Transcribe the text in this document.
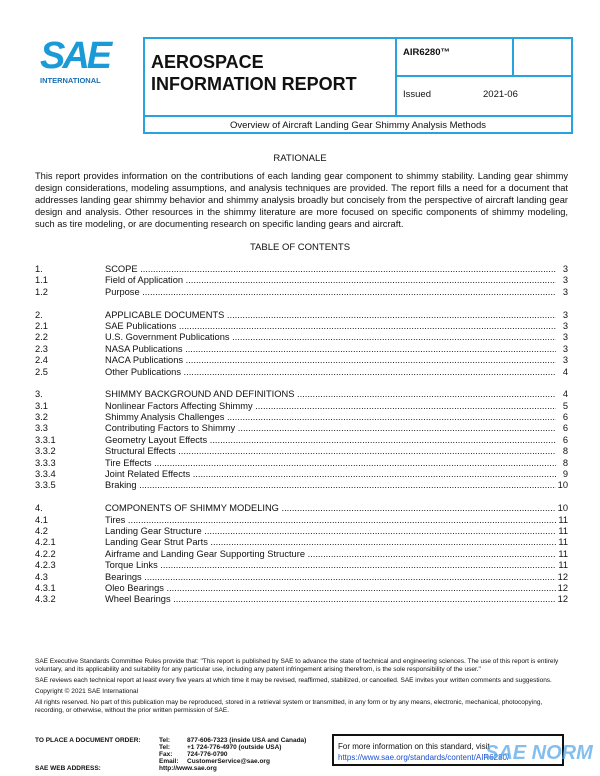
SAE
INTERNATIONAL
AEROSPACE
INFORMATION REPORT
AIR6280™
Issued	2021-06
Overview of Aircraft Landing Gear Shimmy Analysis Methods
RATIONALE
This report provides information on the contributions of each landing gear component to shimmy stability. Landing gear shimmy design considerations, modeling assumptions, and analysis techniques are provided. The report fills a need for a document that addresses landing gear shimmy behavior and shimmy analysis broadly but concisely from the perspective of aircraft landing gear design and analysis. Other resources in the shimmy literature are more focused on specific components of shimmy modeling, such as tire modeling, or are documenting research on specific landing gears and aircraft.
TABLE OF CONTENTS
1.	SCOPE .....	3
1.1	Field of Application .....	3
1.2	Purpose .....	3
2.	APPLICABLE DOCUMENTS .....	3
2.1	SAE Publications .....	3
2.2	U.S. Government Publications .....	3
2.3	NASA Publications .....	3
2.4	NACA Publications .....	3
2.5	Other Publications .....	4
3.	SHIMMY BACKGROUND AND DEFINITIONS .....	4
3.1	Nonlinear Factors Affecting Shimmy .....	5
3.2	Shimmy Analysis Challenges .....	6
3.3	Contributing Factors to Shimmy .....	6
3.3.1	Geometry Layout Effects .....	6
3.3.2	Structural Effects .....	8
3.3.3	Tire Effects .....	8
3.3.4	Joint Related Effects .....	9
3.3.5	Braking .....	10
4.	COMPONENTS OF SHIMMY MODELING .....	10
4.1	Tires .....	11
4.2	Landing Gear Structure .....	11
4.2.1	Landing Gear Strut Parts .....	11
4.2.2	Airframe and Landing Gear Supporting Structure .....	11
4.2.3	Torque Links .....	11
4.3	Bearings .....	12
4.3.1	Oleo Bearings .....	12
4.3.2	Wheel Bearings .....	12

SAE Executive Standards Committee Rules provide that: "This report is published by SAE to advance the state of technical and engineering sciences. The use of this report is entirely voluntary, and its applicability and suitability for any particular use, including any patent infringement arising therefrom, is the sole responsibility of the user."

SAE reviews each technical report at least every five years at which time it may be revised, reaffirmed, stabilized, or cancelled. SAE invites your written comments and suggestions.

Copyright © 2021 SAE International

All rights reserved. No part of this publication may be reproduced, stored in a retrieval system or transmitted, in any form or by any means, electronic, mechanical, photocopying, recording, or otherwise, without the prior written permission of SAE.

TO PLACE A DOCUMENT ORDER:	Tel:	877-606-7323 (inside USA and Canada)
Tel:	+1 724-776-4970 (outside USA)
Fax: 724-776-0790
Email: CustomerService@sae.org
SAE WEB ADDRESS:	http://www.sae.org
For more information on this standard, visit
https://www.sae.org/standards/content/AIR6280/
SAE NORM
